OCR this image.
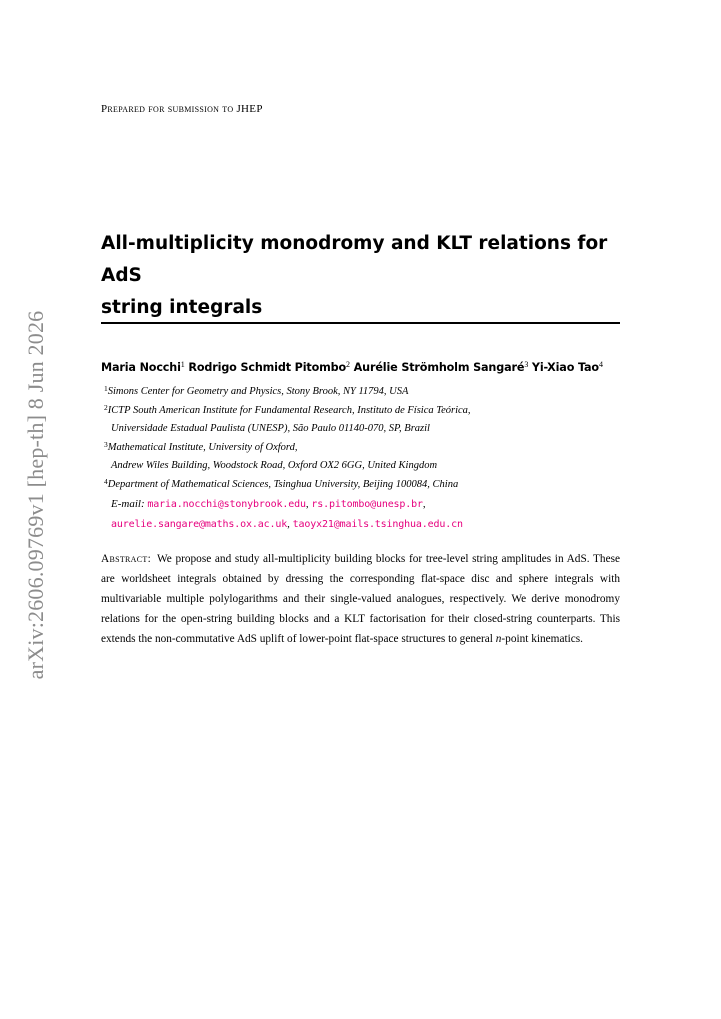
arXiv:2606.09769v1 [hep-th] 8 Jun 2026
Prepared for submission to JHEP
All-multiplicity monodromy and KLT relations for AdS
string integrals
Maria Nocchi$^1$ Rodrigo Schmidt Pitombo$^2$ Aurélie Strömholm Sangaré$^3$ Yi-Xiao Tao$^4$
$^1$Simons Center for Geometry and Physics, Stony Brook, NY 11794, USA
$^2$ICTP South American Institute for Fundamental Research, Instituto de Física Teórica,
Universidade Estadual Paulista (UNESP), São Paulo 01140-070, SP, Brazil
$^3$Mathematical Institute, University of Oxford,
Andrew Wiles Building, Woodstock Road, Oxford OX2 6GG, United Kingdom
$^4$Department of Mathematical Sciences, Tsinghua University, Beijing 100084, China
E-mail: maria.nocchi@stonybrook.edu, rs.pitombo@unesp.br,
aurelie.sangare@maths.ox.ac.uk, taoyx21@mails.tsinghua.edu.cn
Abstract: We propose and study all-multiplicity building blocks for tree-level string amplitudes in AdS. These are worldsheet integrals obtained by dressing the corresponding flat-space disc and sphere integrals with multivariable multiple polylogarithms and their single-valued analogues, respectively. We derive monodromy relations for the open-string building blocks and a KLT factorisation for their closed-string counterparts. This extends the non-commutative AdS uplift of lower-point flat-space structures to general n-point kinematics.
